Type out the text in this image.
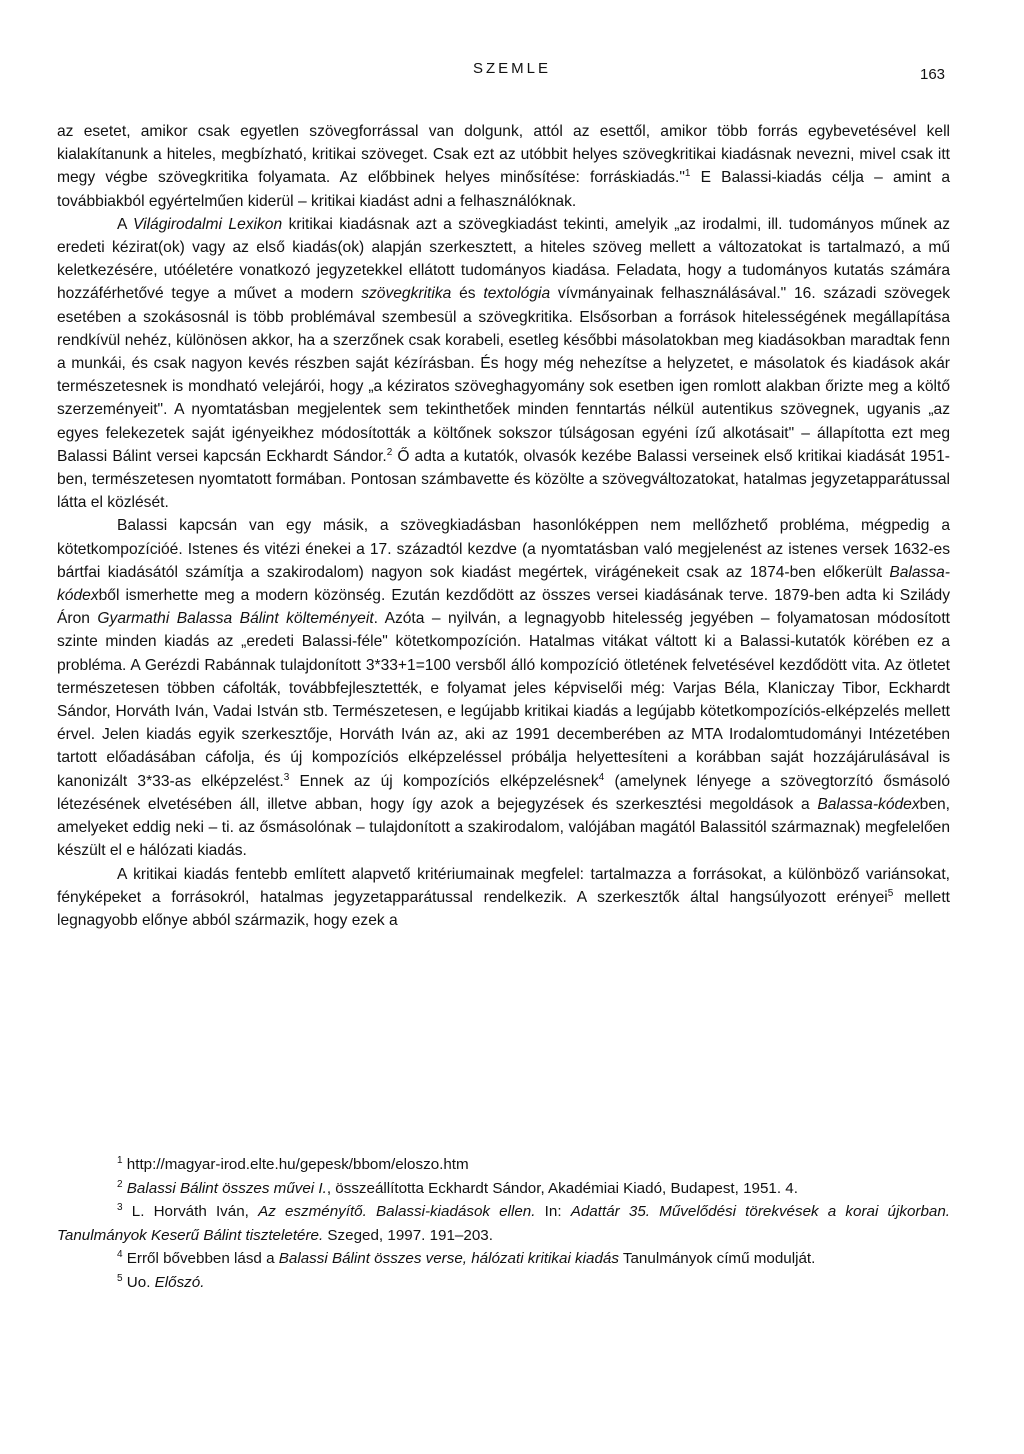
SZEMLE	163

az esetet, amikor csak egyetlen szövegforrással van dolgunk, attól az esettől, amikor több forrás egybevetésével kell kialakítanunk a hiteles, megbízható, kritikai szöveget. Csak ezt az utóbbit helyes szövegkritikai kiadásnak nevezni, mivel csak itt megy végbe szövegkritika folyamata. Az előbbinek helyes minősítése: forráskiadás."$^1$ E Balassi-kiadás célja – amint a továbbiakból egyértelműen kiderül – kritikai kiadást adni a felhasználóknak.

A Világirodalmi Lexikon kritikai kiadásnak azt a szövegkiadást tekinti, amelyik „az irodalmi, ill. tudományos műnek az eredeti kézirat(ok) vagy az első kiadás(ok) alapján szerkesztett, a hiteles szöveg mellett a változatokat is tartalmazó, a mű keletkezésére, utóéletére vonatkozó jegyzetekkel ellátott tudományos kiadása. Feladata, hogy a tudományos kutatás számára hozzáférhetővé tegye a művet a modern szövegkritika és textológia vívmányainak felhasználásával." 16. századi szövegek esetében a szokásosnál is több problémával szembesül a szövegkritika. Elsősorban a források hitelességének megállapítása rendkívül nehéz, különösen akkor, ha a szerzőnek csak korabeli, esetleg későbbi másolatokban meg kiadásokban maradtak fenn a munkái, és csak nagyon kevés részben saját kézírásban. És hogy még nehezítse a helyzetet, e másolatok és kiadások akár természetesnek is mondható velejárói, hogy „a kéziratos szöveghagyomány sok esetben igen romlott alakban őrizte meg a költő szerzeményeit". A nyomtatásban megjelentek sem tekinthetőek minden fenntartás nélkül autentikus szövegnek, ugyanis „az egyes felekezetek saját igényeikhez módosították a költőnek sokszor túlságosan egyéni ízű alkotásait" – állapította ezt meg Balassi Bálint versei kapcsán Eckhardt Sándor.$^2$ Ő adta a kutatók, olvasók kezébe Balassi verseinek első kritikai kiadását 1951-ben, természetesen nyomtatott formában. Pontosan számbavette és közölte a szövegváltozatokat, hatalmas jegyzetapparátussal látta el közlését.

Balassi kapcsán van egy másik, a szövegkiadásban hasonlóképpen nem mellőzhető probléma, mégpedig a kötetkompozícióé. Istenes és vitézi énekei a 17. századtól kezdve (a nyomtatásban való megjelenést az istenes versek 1632-es bártfai kiadásától számítja a szakirodalom) nagyon sok kiadást megértek, virágénekeit csak az 1874-ben előkerült Balassa-kódexből ismerhette meg a modern közönség. Ezután kezdődött az összes versei kiadásának terve. 1879-ben adta ki Szilády Áron Gyarmathi Balassa Bálint költeményeit. Azóta – nyilván, a legnagyobb hitelesség jegyében – folyamatosan módosított szinte minden kiadás az „eredeti Balassi-féle" kötetkompozíción. Hatalmas vitákat váltott ki a Balassi-kutatók körében ez a probléma. A Gerézdi Rabánnak tulajdonított 3*33+1=100 versből álló kompozíció ötletének felvetésével kezdődött vita. Az ötletet természetesen többen cáfolták, továbbfejlesztették, e folyamat jeles képviselői még: Varjas Béla, Klaniczay Tibor, Eckhardt Sándor, Horváth Iván, Vadai István stb. Természetesen, e legújabb kritikai kiadás a legújabb kötetkompozíciós-elképzelés mellett érvel. Jelen kiadás egyik szerkesztője, Horváth Iván az, aki az 1991 decemberében az MTA Irodalomtudományi Intézetében tartott előadásában cáfolja, és új kompozíciós elképzeléssel próbálja helyettesíteni a korábban saját hozzájárulásával is kanonizált 3*33-as elképzelést.$^3$ Ennek az új kompozíciós elképzelésnek$^4$ (amelynek lényege a szövegtorzító ősmásoló létezésének elvetésében áll, illetve abban, hogy így azok a bejegyzések és szerkesztési megoldások a Balassa-kódexben, amelyeket eddig neki – ti. az ősmásolónak – tulajdonított a szakirodalom, valójában magától Balassitól származnak) megfelelően készült el e hálózati kiadás.

A kritikai kiadás fentebb említett alapvető kritériumainak megfelel: tartalmazza a forrásokat, a különböző variánsokat, fényképeket a forrásokról, hatalmas jegyzetapparátussal rendelkezik. A szerkesztők által hangsúlyozott erényei$^5$ mellett legnagyobb előnye abból származik, hogy ezek a

$^1$ http://magyar-irod.elte.hu/gepesk/bbom/eloszo.htm

$^2$ Balassi Bálint összes művei I., összeállította Eckhardt Sándor, Akadémiai Kiadó, Budapest, 1951. 4.

$^3$ L. Horváth Iván, Az eszményítő. Balassi-kiadások ellen. In: Adattár 35. Művelődési törekvések a korai újkorban. Tanulmányok Keserű Bálint tiszteletére. Szeged, 1997. 191–203.

$^4$ Erről bővebben lásd a Balassi Bálint összes verse, hálózati kritikai kiadás Tanulmányok című modulját.

$^5$ Uo. Előszó.
